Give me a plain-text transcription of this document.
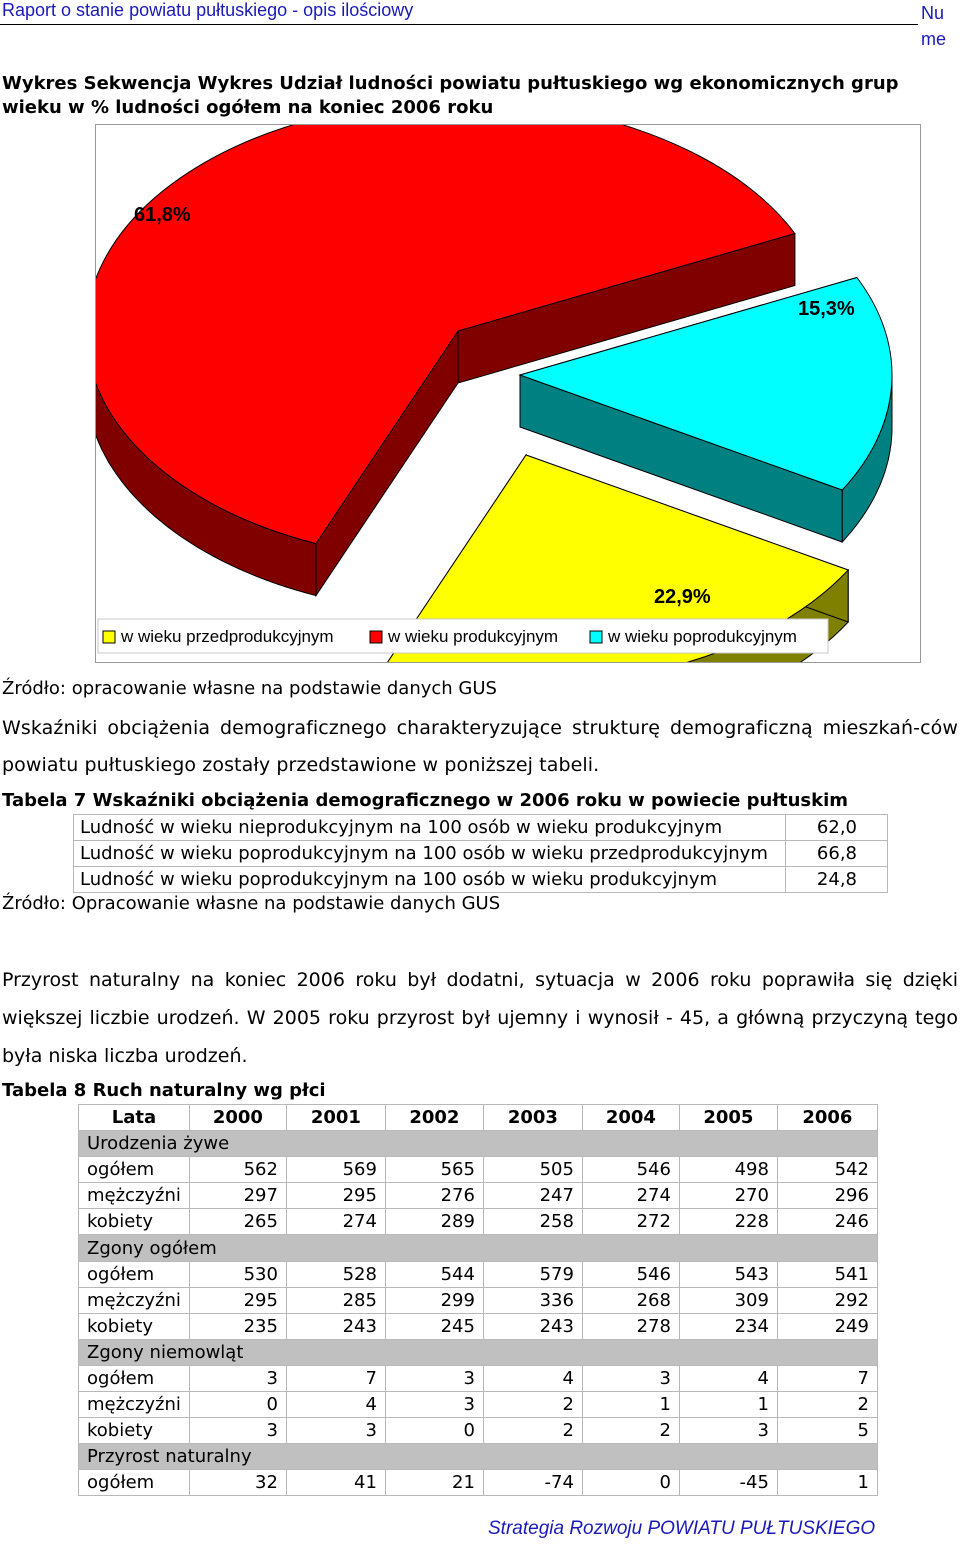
Raport o stanie powiatu pułtuskiego - opis ilościowy	Nu me
Wykres Sekwencja Wykres Udział ludności powiatu pułtuskiego wg ekonomicznych grup wieku w % ludności ogółem na koniec 2006 roku
22,9%
61,8%
15,3%
w wieku przedprodukcyjnym	w wieku produkcyjnym	w wieku poprodukcyjnym
Źródło: opracowanie własne na podstawie danych GUS
Wskaźniki obciążenia demograficznego charakteryzujące strukturę demograficzną mieszkań-ców powiatu pułtuskiego zostały przedstawione w poniższej tabeli.
Tabela 7 Wskaźniki obciążenia demograficznego w 2006 roku w powiecie pułtuskim
Ludność w wieku nieprodukcyjnym na 100 osób w wieku produkcyjnym	62,0
Ludność w wieku poprodukcyjnym na 100 osób w wieku przedprodukcyjnym	66,8
Ludność w wieku poprodukcyjnym na 100 osób w wieku produkcyjnym	24,8
Źródło: Opracowanie własne na podstawie danych GUS
Przyrost naturalny na koniec 2006 roku był dodatni, sytuacja w 2006 roku poprawiła się dzięki większej liczbie urodzeń. W 2005 roku przyrost był ujemny i wynosił - 45, a główną przyczyną tego była niska liczba urodzeń.
Tabela 8 Ruch naturalny wg płci
Lata	2000	2001	2002	2003	2004	2005	2006
Urodzenia żywe							
ogółem	562	569	565	505	546	498	542
mężczyźni	297	295	276	247	274	270	296
kobiety	265	274	289	258	272	228	246
Zgony ogółem							
ogółem	530	528	544	579	546	543	541
mężczyźni	295	285	299	336	268	309	292
kobiety	235	243	245	243	278	234	249
Zgony niemowląt							
ogółem	3	7	3	4	3	4	7
mężczyźni	0	4	3	2	1	1	2
kobiety	3	3	0	2	2	3	5
Przyrost naturalny							
ogółem	32	41	21	-74	0	-45	1
Strategia Rozwoju POWIATU PUŁTUSKIEGO
